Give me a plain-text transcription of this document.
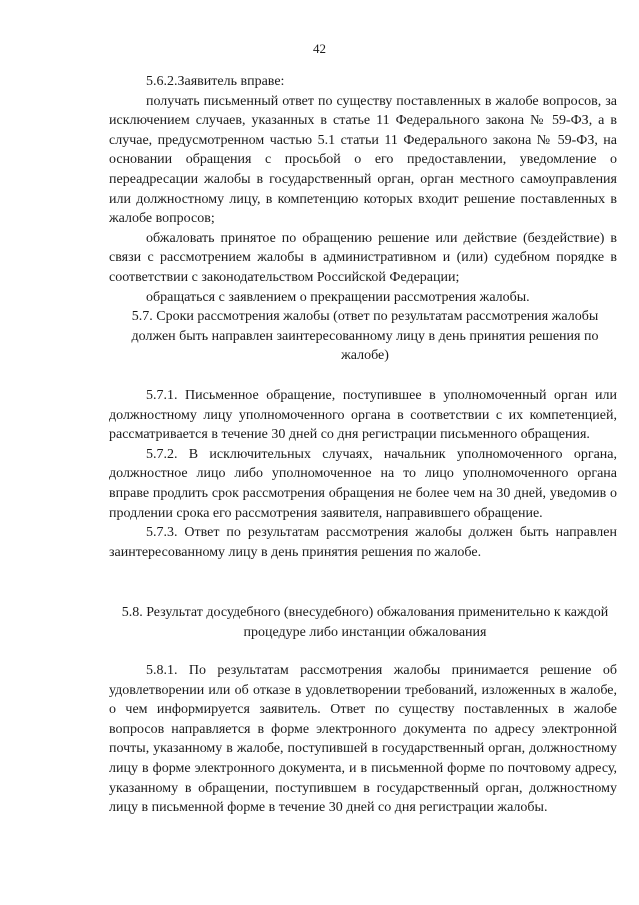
42

5.6.2.Заявитель вправе:

получать письменный ответ по существу поставленных в жалобе вопросов, за исключением случаев, указанных в статье 11 Федерального закона № 59-ФЗ, а в случае, предусмотренном частью 5.1 статьи 11 Федерального закона № 59-ФЗ, на основании обращения с просьбой о его предоставлении, уведомление о переадресации жалобы в государственный орган, орган местного самоуправления или должностному лицу, в компетенцию которых входит решение поставленных в жалобе вопросов;

обжаловать принятое по обращению решение или действие (бездействие) в связи с рассмотрением жалобы в административном и (или) судебном порядке в соответствии с законодательством Российской Федерации;

обращаться с заявлением о прекращении рассмотрения жалобы.

5.7. Сроки рассмотрения жалобы (ответ по результатам рассмотрения жалобы должен быть направлен заинтересованному лицу в день принятия решения по жалобе)

5.7.1. Письменное обращение, поступившее в уполномоченный орган или должностному лицу уполномоченного органа в соответствии с их компетенцией, рассматривается в течение 30 дней со дня регистрации письменного обращения.

5.7.2. В исключительных случаях, начальник уполномоченного органа, должностное лицо либо уполномоченное на то лицо уполномоченного органа вправе продлить срок рассмотрения обращения не более чем на 30 дней, уведомив о продлении срока его рассмотрения заявителя, направившего обращение.

5.7.3. Ответ по результатам рассмотрения жалобы должен быть направлен заинтересованному лицу в день принятия решения по жалобе.

5.8. Результат досудебного (внесудебного) обжалования применительно к каждой процедуре либо инстанции обжалования

5.8.1. По результатам рассмотрения жалобы принимается решение об удовлетворении или об отказе в удовлетворении требований, изложенных в жалобе, о чем информируется заявитель. Ответ по существу поставленных в жалобе вопросов направляется в форме электронного документа по адресу электронной почты, указанному в жалобе, поступившей в государственный орган, должностному лицу в форме электронного документа, и в письменной форме по почтовому адресу, указанному в обращении, поступившем в государственный орган, должностному лицу в письменной форме в течение 30 дней со дня регистрации жалобы.
